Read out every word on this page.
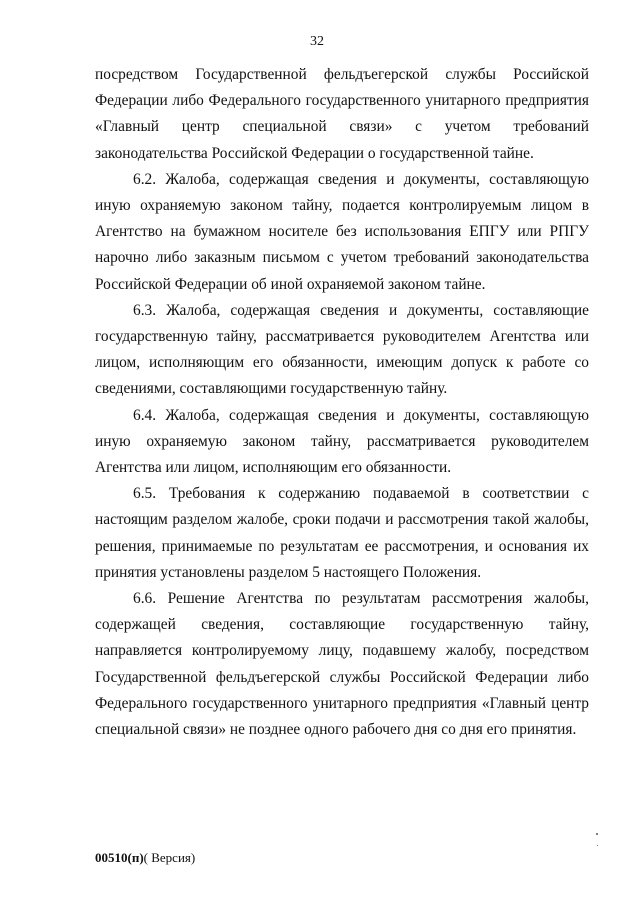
32

посредством Государственной фельдъегерской службы Российской Федерации либо Федерального государственного унитарного предприятия «Главный центр специальной связи» с учетом требований законодательства Российской Федерации о государственной тайне.

6.2. Жалоба, содержащая сведения и документы, составляющую иную охраняемую законом тайну, подается контролируемым лицом в Агентство на бумажном носителе без использования ЕПГУ или РПГУ нарочно либо заказным письмом с учетом требований законодательства Российской Федерации об иной охраняемой законом тайне.

6.3. Жалоба, содержащая сведения и документы, составляющие государственную тайну, рассматривается руководителем Агентства или лицом, исполняющим его обязанности, имеющим допуск к работе со сведениями, составляющими государственную тайну.

6.4. Жалоба, содержащая сведения и документы, составляющую иную охраняемую законом тайну, рассматривается руководителем Агентства или лицом, исполняющим его обязанности.

6.5. Требования к содержанию подаваемой в соответствии с настоящим разделом жалобе, сроки подачи и рассмотрения такой жалобы, решения, принимаемые по результатам ее рассмотрения, и основания их принятия установлены разделом 5 настоящего Положения.

6.6. Решение Агентства по результатам рассмотрения жалобы, содержащей сведения, составляющие государственную тайну, направляется контролируемому лицу, подавшему жалобу, посредством Государственной фельдъегерской службы Российской Федерации либо Федерального государственного унитарного предприятия «Главный центр специальной связи» не позднее одного рабочего дня со дня его принятия.

00510(п)( Версия)
